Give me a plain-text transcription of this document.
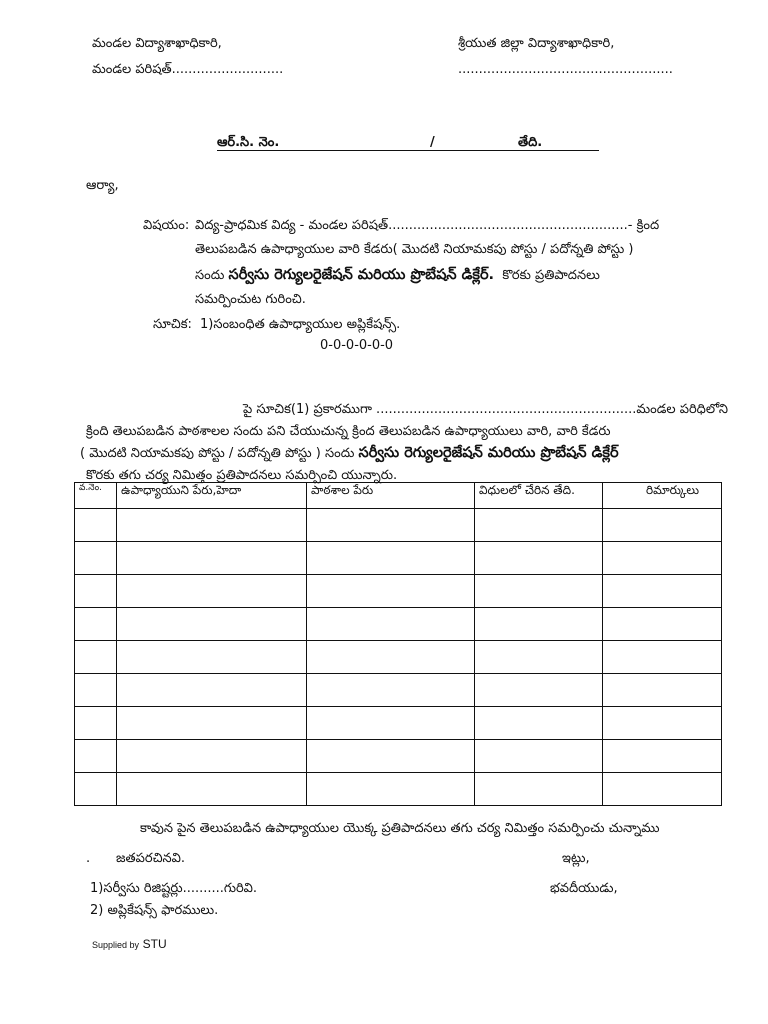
మండల విద్యాశాఖాధికారి,
మండల పరిషత్...........................
శ్రీయుత జిల్లా విద్యాశాఖాధికారి,
....................................................
ఆర్.సి. నెం.	/	తేది.
ఆర్యా,
విషయం: విద్య-ప్రాధమిక విద్య - మండల పరిషత్..........................................................- క్రింద
తెలుపబడిన ఉపాధ్యాయుల వారి కేడరు( మొదటి నియామకపు పోస్టు / పదోన్నతి పోస్టు )
సందు సర్వీసు రెగ్యులరైజేషన్ మరియు ప్రొబేషన్ డిక్లేర్. కొరకు ప్రతిపాదనలు
సమర్పించుట గురించి.
సూచిక: 1)సంబంధిత ఉపాధ్యాయుల అప్లికేషన్స్.
0-0-0-0-0-0
పై సూచిక(1) ప్రకారముగా ...............................................................మండల పరిధిలోని
క్రింది తెలుపబడిన పాఠశాలల సందు పని చేయుచున్న క్రింద తెలుపబడిన ఉపాధ్యాయులు వారి, వారి కేడరు
( మొదటి నియామకపు పోస్టు / పదోన్నతి పోస్టు ) సందు సర్వీసు రెగ్యులరైజేషన్ మరియు ప్రొబేషన్ డిక్లేర్
కొరకు తగు చర్య నిమిత్తం ప్రతిపాదనలు సమర్పించి యున్నారు.
వ.నెం.	ఉపాధ్యాయుని పేరు,హెదా	పాఠశాల పేరు	విధులలో చేరిన తేది.	రిమార్కులు

కావున పైన తెలుపబడిన ఉపాధ్యాయుల యొక్క ప్రతిపాదనలు తగు చర్య నిమిత్తం సమర్పించు చున్నాము
. జతపరచినవి.	ఇట్లు,
1)సర్వీసు రిజిష్టర్లు..........గురివి.	భవదీయుడు,
2) అప్లికేషన్స్ ఫారములు.
Supplied by STU
